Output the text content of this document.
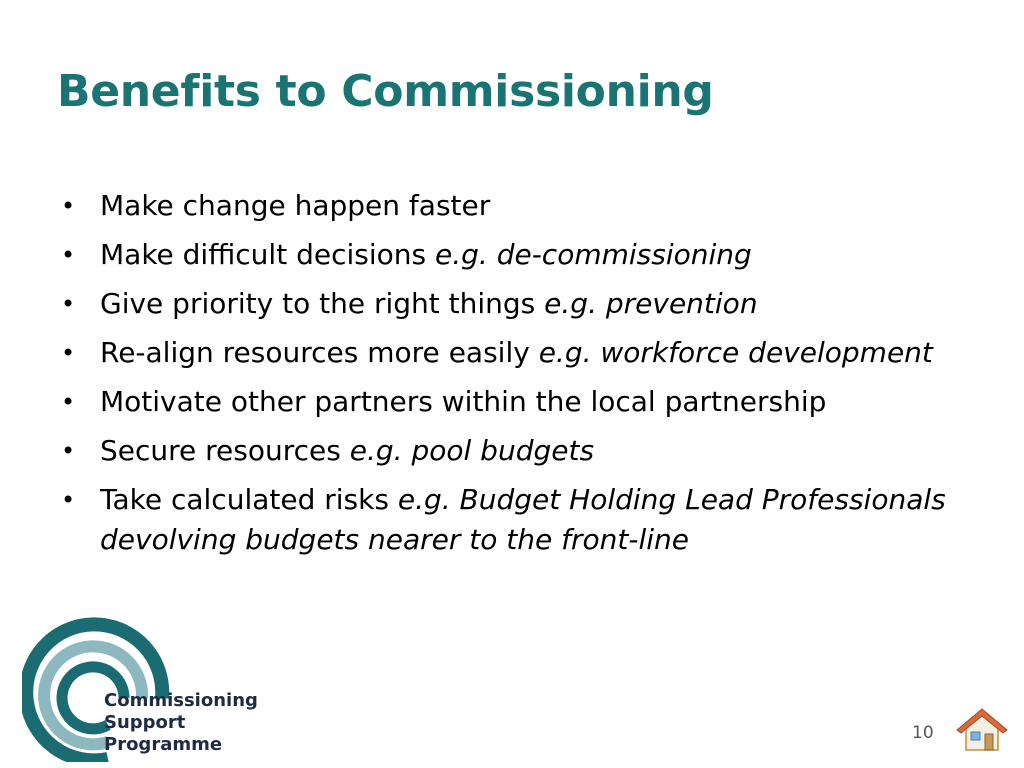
Benefits to Commissioning
• Make change happen faster
• Make difficult decisions e.g. de-commissioning
• Give priority to the right things e.g. prevention
• Re-align resources more easily e.g. workforce development
• Motivate other partners within the local partnership
• Secure resources e.g. pool budgets
• Take calculated risks e.g. Budget Holding Lead Professionals devolving budgets nearer to the front-line
Commissioning
Support
Programme
10
